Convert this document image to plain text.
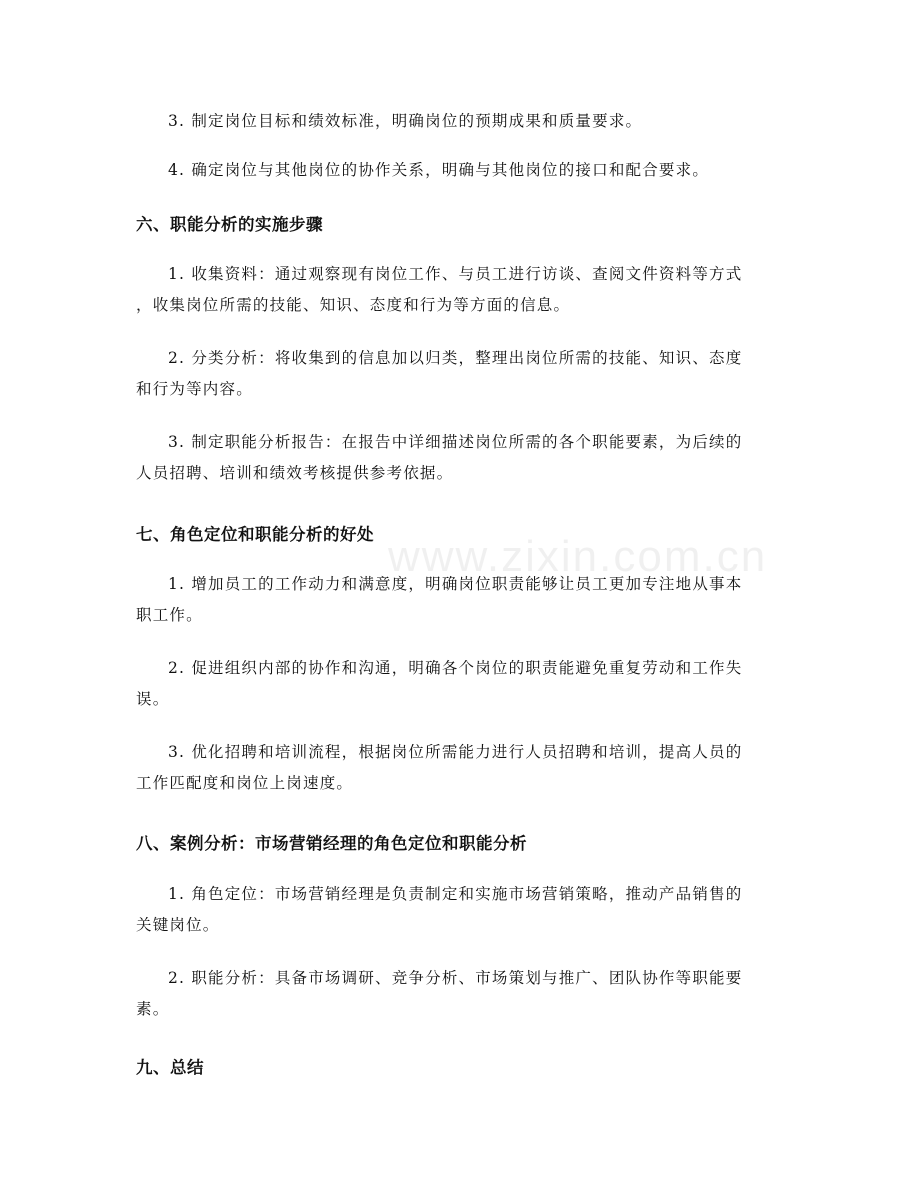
3. 制定岗位目标和绩效标准，明确岗位的预期成果和质量要求。

4. 确定岗位与其他岗位的协作关系，明确与其他岗位的接口和配合要求。

六、职能分析的实施步骤

1. 收集资料：通过观察现有岗位工作、与员工进行访谈、查阅文件资料等方式
，收集岗位所需的技能、知识、态度和行为等方面的信息。

2. 分类分析：将收集到的信息加以归类，整理出岗位所需的技能、知识、态度
和行为等内容。

3. 制定职能分析报告：在报告中详细描述岗位所需的各个职能要素，为后续的
人员招聘、培训和绩效考核提供参考依据。

七、角色定位和职能分析的好处

1. 增加员工的工作动力和满意度，明确岗位职责能够让员工更加专注地从事本
职工作。

2. 促进组织内部的协作和沟通，明确各个岗位的职责能避免重复劳动和工作失
误。

3. 优化招聘和培训流程，根据岗位所需能力进行人员招聘和培训，提高人员的
工作匹配度和岗位上岗速度。

八、案例分析：市场营销经理的角色定位和职能分析

1. 角色定位：市场营销经理是负责制定和实施市场营销策略，推动产品销售的
关键岗位。

2. 职能分析：具备市场调研、竞争分析、市场策划与推广、团队协作等职能要
素。

九、总结
www.zixin.com.cn
